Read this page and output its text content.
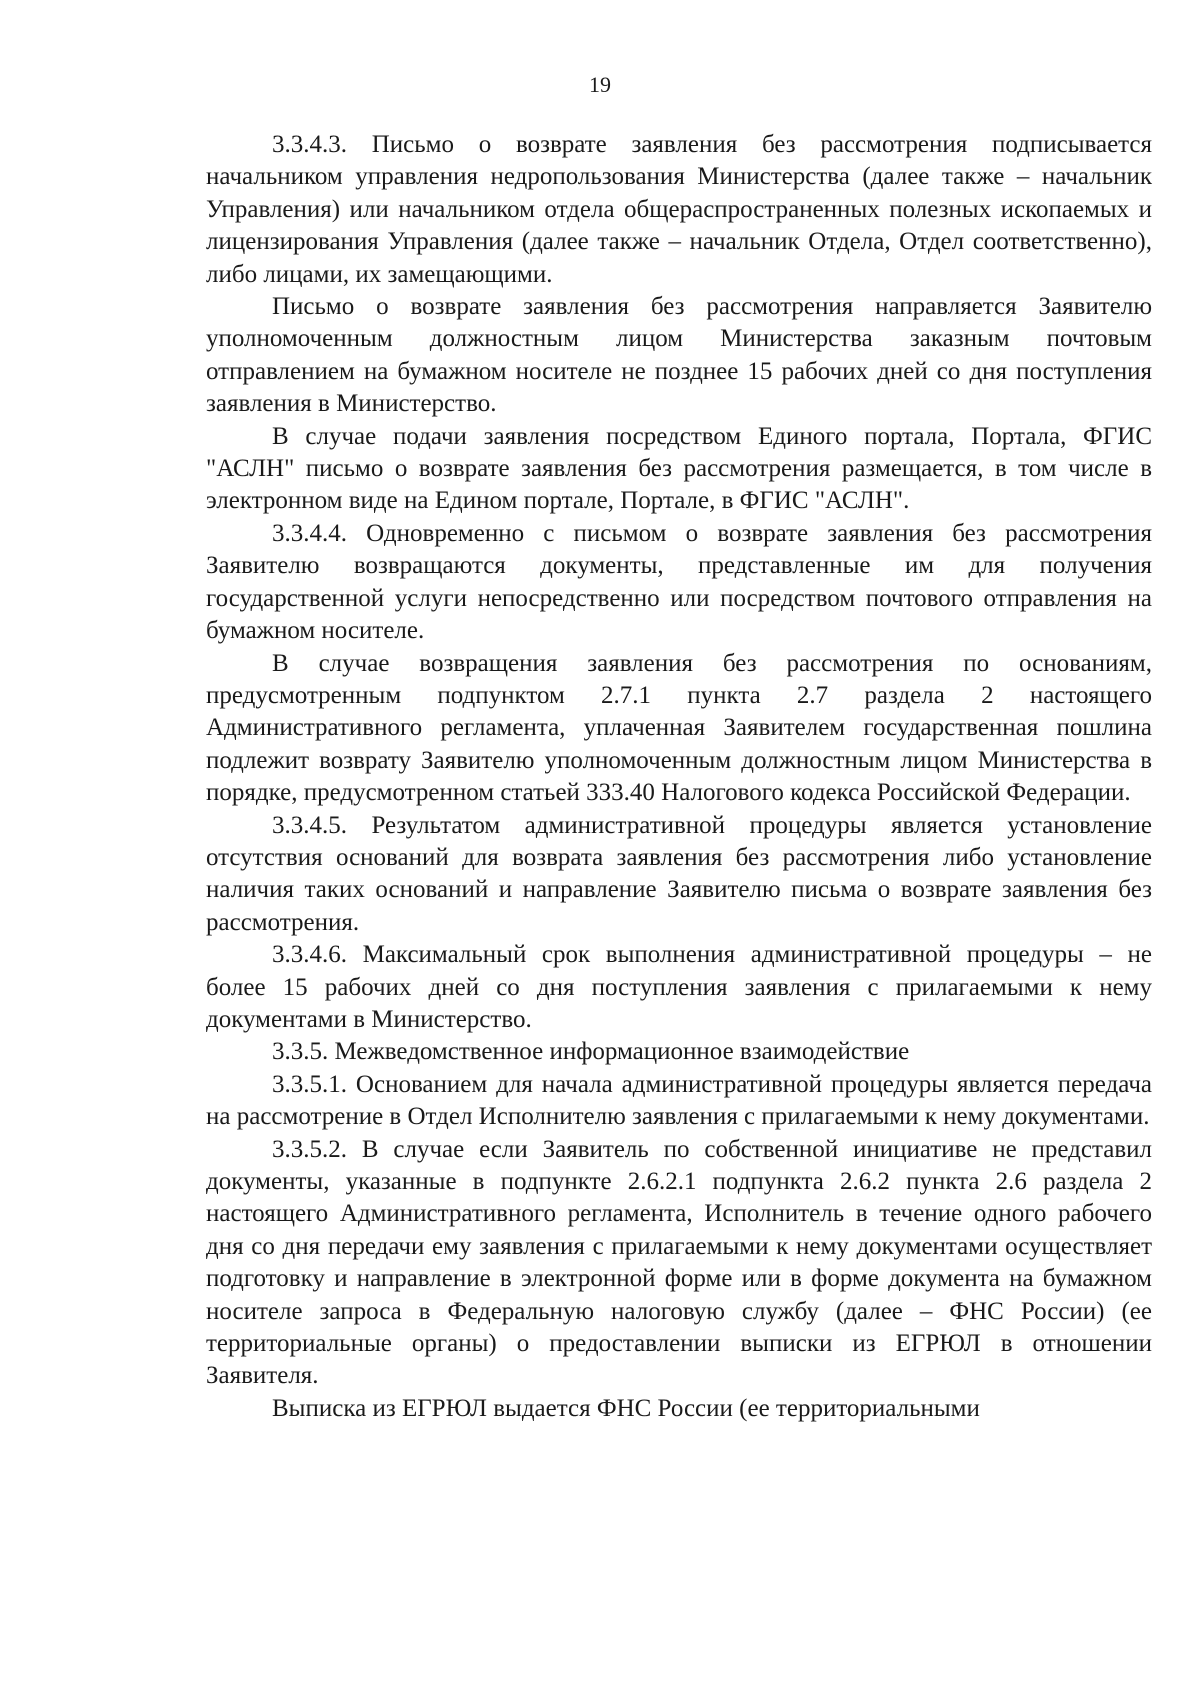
19

3.3.4.3. Письмо о возврате заявления без рассмотрения подписывается начальником управления недропользования Министерства (далее также – начальник Управления) или начальником отдела общераспространенных полезных ископаемых и лицензирования Управления (далее также – начальник Отдела, Отдел соответственно), либо лицами, их замещающими.

Письмо о возврате заявления без рассмотрения направляется Заявителю уполномоченным должностным лицом Министерства заказным почтовым отправлением на бумажном носителе не позднее 15 рабочих дней со дня поступления заявления в Министерство.

В случае подачи заявления посредством Единого портала, Портала, ФГИС "АСЛН" письмо о возврате заявления без рассмотрения размещается, в том числе в электронном виде на Едином портале, Портале, в ФГИС "АСЛН".

3.3.4.4. Одновременно с письмом о возврате заявления без рассмотрения Заявителю возвращаются документы, представленные им для получения государственной услуги непосредственно или посредством почтового отправления на бумажном носителе.

В случае возвращения заявления без рассмотрения по основаниям, предусмотренным подпунктом 2.7.1 пункта 2.7 раздела 2 настоящего Административного регламента, уплаченная Заявителем государственная пошлина подлежит возврату Заявителю уполномоченным должностным лицом Министерства в порядке, предусмотренном статьей 333.40 Налогового кодекса Российской Федерации.

3.3.4.5. Результатом административной процедуры является установление отсутствия оснований для возврата заявления без рассмотрения либо установление наличия таких оснований и направление Заявителю письма о возврате заявления без рассмотрения.

3.3.4.6. Максимальный срок выполнения административной процедуры – не более 15 рабочих дней со дня поступления заявления с прилагаемыми к нему документами в Министерство.

3.3.5. Межведомственное информационное взаимодействие

3.3.5.1. Основанием для начала административной процедуры является передача на рассмотрение в Отдел Исполнителю заявления с прилагаемыми к нему документами.

3.3.5.2. В случае если Заявитель по собственной инициативе не представил документы, указанные в подпункте 2.6.2.1 подпункта 2.6.2 пункта 2.6 раздела 2 настоящего Административного регламента, Исполнитель в течение одного рабочего дня со дня передачи ему заявления с прилагаемыми к нему документами осуществляет подготовку и направление в электронной форме или в форме документа на бумажном носителе запроса в Федеральную налоговую службу (далее – ФНС России) (ее территориальные органы) о предоставлении выписки из ЕГРЮЛ в отношении Заявителя.

Выписка из ЕГРЮЛ выдается ФНС России (ее территориальными
